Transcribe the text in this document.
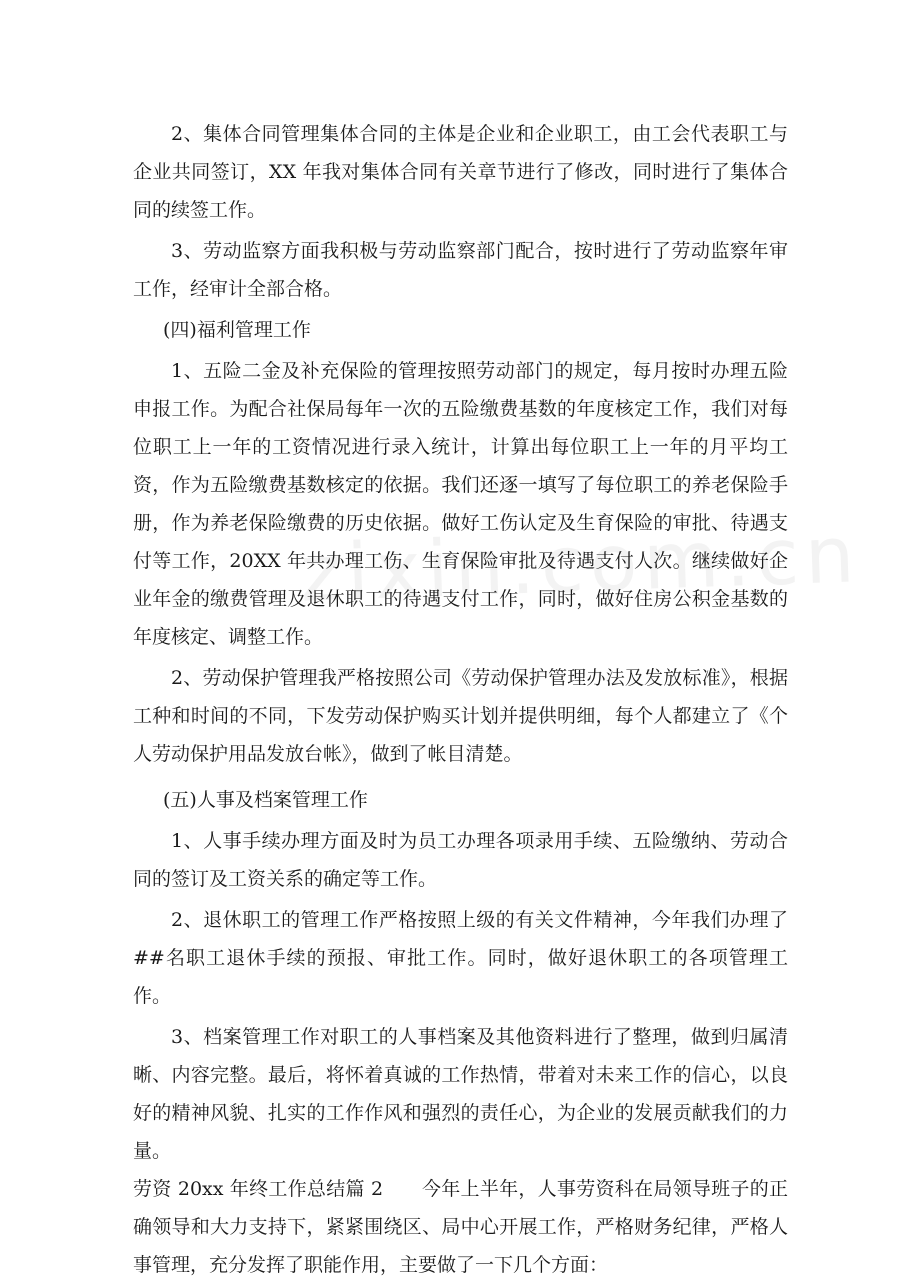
2、集体合同管理集体合同的主体是企业和企业职工，由工会代表职工与企业共同签订，XX 年我对集体合同有关章节进行了修改，同时进行了集体合同的续签工作。

3、劳动监察方面我积极与劳动监察部门配合，按时进行了劳动监察年审工作，经审计全部合格。

(四)福利管理工作

1、五险二金及补充保险的管理按照劳动部门的规定，每月按时办理五险申报工作。为配合社保局每年一次的五险缴费基数的年度核定工作，我们对每位职工上一年的工资情况进行录入统计，计算出每位职工上一年的月平均工资，作为五险缴费基数核定的依据。我们还逐一填写了每位职工的养老保险手册，作为养老保险缴费的历史依据。做好工伤认定及生育保险的审批、待遇支付等工作，20XX 年共办理工伤、生育保险审批及待遇支付人次。继续做好企业年金的缴费管理及退休职工的待遇支付工作，同时，做好住房公积金基数的年度核定、调整工作。

2、劳动保护管理我严格按照公司《劳动保护管理办法及发放标准》，根据工种和时间的不同，下发劳动保护购买计划并提供明细，每个人都建立了《个人劳动保护用品发放台帐》，做到了帐目清楚。

(五)人事及档案管理工作

1、人事手续办理方面及时为员工办理各项录用手续、五险缴纳、劳动合同的签订及工资关系的确定等工作。

2、退休职工的管理工作严格按照上级的有关文件精神，今年我们办理了##名职工退休手续的预报、审批工作。同时，做好退休职工的各项管理工作。

3、档案管理工作对职工的人事档案及其他资料进行了整理，做到归属清晰、内容完整。最后，将怀着真诚的工作热情，带着对未来工作的信心，以良好的精神风貌、扎实的工作作风和强烈的责任心，为企业的发展贡献我们的力量。

劳资 20xx 年终工作总结篇 2　　今年上半年，人事劳资科在局领导班子的正确领导和大力支持下，紧紧围绕区、局中心开展工作，严格财务纪律，严格人事管理，充分发挥了职能作用，主要做了一下几个方面：
